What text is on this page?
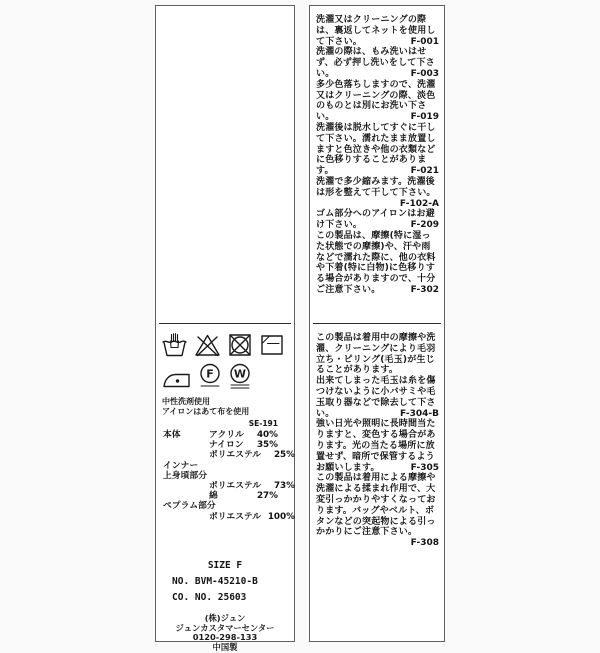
F W
中性洗剤使用
アイロンはあて布を使用
SE-191
本体	アクリル	40%
ナイロン	35%
ポリエステル	25%
インナー
上身頃部分
ポリエステル	73%
綿	27%
ペプラム部分
ポリエステル 100%
SIZE F
NO. BVM-45210-B
CO. NO. 25603
(株)ジュン
ジュンカスタマーセンター
0120-298-133
中国製
洗濯又はクリーニングの際は、裏返してネットを使用して下さい。	F-001
洗濯の際は、もみ洗いはせず、必ず押し洗いをして下さい。	F-003
多少色落ちしますので、洗濯又はクリーニングの際、淡色のものとは別にお洗い下さい。	F-019
洗濯後は脱水してすぐに干して下さい。濡れたまま放置しますと色泣きや他の衣類などに色移りすることがあります。	F-021
洗濯で多少縮みます。洗濯後は形を整えて干して下さい。
F-102-A
ゴム部分へのアイロンはお避け下さい。	F-209
この製品は、摩擦(特に湿った状態での摩擦)や、汗や雨などで濡れた際に、他の衣料や下着(特に白物)に色移りする場合がありますので、十分ご注意下さい。	F-302
この製品は着用中の摩擦や洗濯、クリーニングにより毛羽立ち・ピリング(毛玉)が生じることがあります。
出来てしまった毛玉は糸を傷つけないように小バサミや毛玉取り器などで除去して下さい。	F-304-B
強い日光や照明に長時間当たりますと、変色する場合があります。光の当たる場所に放置せず、暗所で保管するようお願いします。	F-305
この製品は着用による摩擦や洗濯による揉まれ作用で、大変引っかかりやすくなっております。バッグやベルト、ボタンなどの突起物による引っかかりにご注意下さい。
F-308
